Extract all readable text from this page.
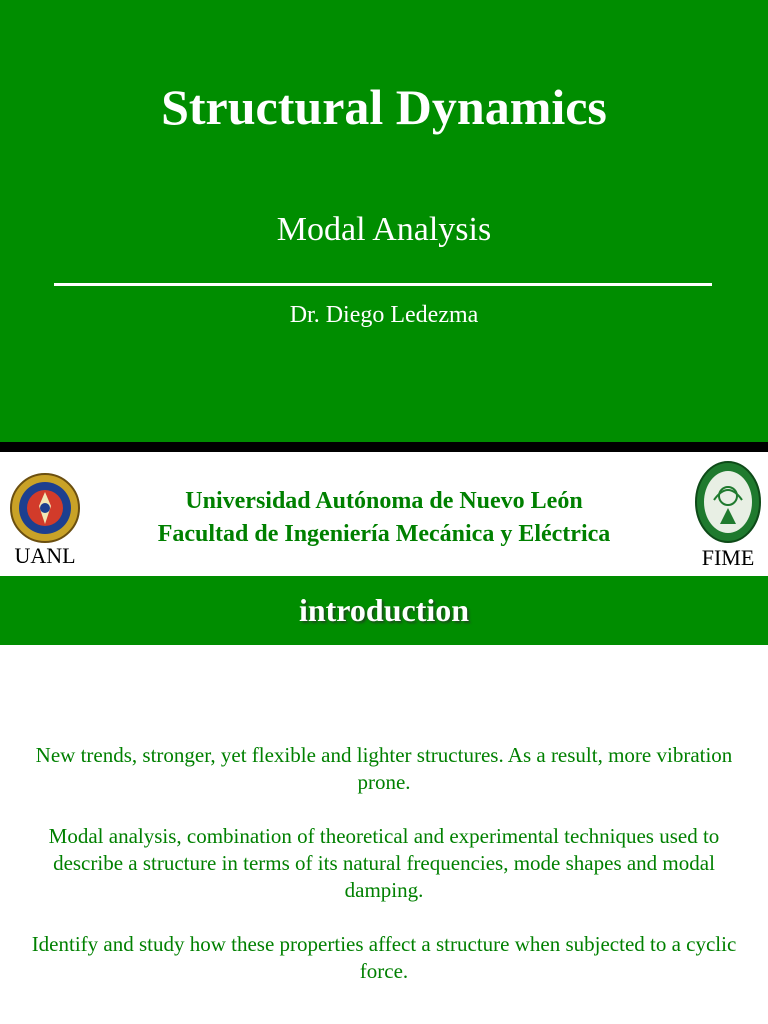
Structural Dynamics
Modal Analysis
Dr. Diego Ledezma
UANL
Universidad Autónoma de Nuevo León
Facultad de Ingeniería Mecánica y Eléctrica
FIME
introduction

New trends, stronger, yet flexible and lighter structures. As a result, more vibration prone.

Modal analysis, combination of theoretical and experimental techniques used to describe a structure in terms of its natural frequencies, mode shapes and modal damping.

Identify and study how these properties affect a structure when subjected to a cyclic force.
